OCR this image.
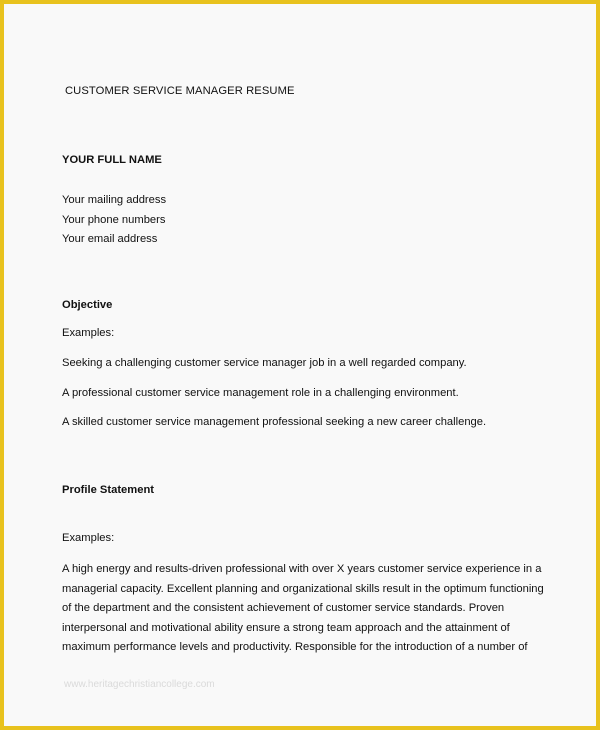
CUSTOMER SERVICE MANAGER RESUME
YOUR FULL NAME
Your mailing address
Your phone numbers
Your email address
Objective
Examples:
Seeking a challenging customer service manager job in a well regarded company.
A professional customer service management role in a challenging environment.
A skilled customer service management professional seeking a new career challenge.
Profile Statement
Examples:
A high energy and results-driven professional with over X years customer service experience in a
managerial capacity. Excellent planning and organizational skills result in the optimum functioning
of the department and the consistent achievement of customer service standards. Proven
interpersonal and motivational ability ensure a strong team approach and the attainment of
maximum performance levels and productivity. Responsible for the introduction of a number of
www.heritagechristiancollege.com
